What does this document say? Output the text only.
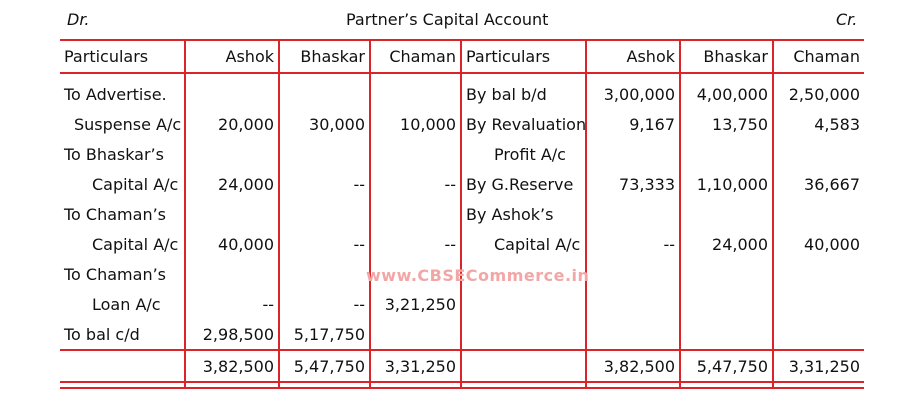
Dr.	Partner’s Capital Account	Cr.
Particulars	Ashok	Bhaskar	Chaman	Particulars	Ashok	Bhaskar	Chaman

To Advertise.				By bal b/d	3,00,000	4,00,000	2,50,000
Suspense A/c	20,000	30,000	10,000	By Revaluation	9,167	13,750	4,583
To Bhaskar’s				Profit A/c			
Capital A/c	24,000	--	--	By G.Reserve	73,333	1,10,000	36,667
To Chaman’s				By Ashok’s			
Capital A/c	40,000	--	--	Capital A/c	--	24,000	40,000
To Chaman’s							
Loan A/c	--	--	3,21,250				
To bal c/d	2,98,500	5,17,750					
	3,82,500	5,47,750	3,31,250		3,82,500	5,47,750	3,31,250

www.CBSECommerce.in
